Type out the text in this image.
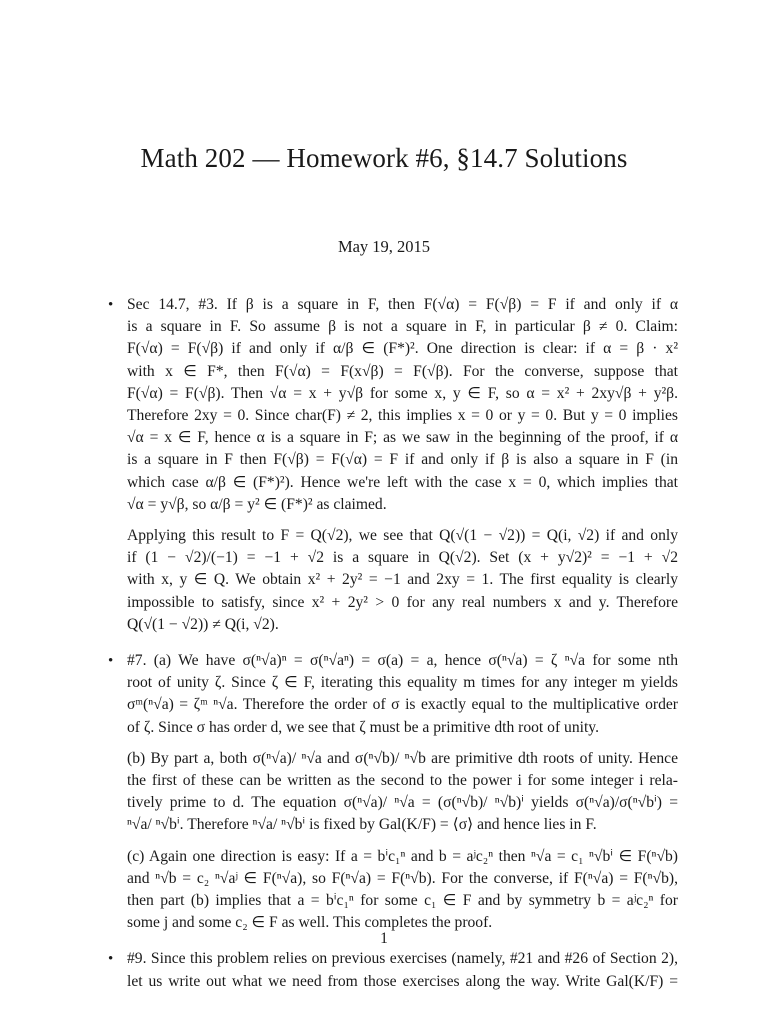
Math 202 — Homework #6, §14.7 Solutions
May 19, 2015
• Sec 14.7, #3. If β is a square in F, then F(√α) = F(√β) = F if and only if α
is a square in F. So assume β is not a square in F, in particular β ≠ 0. Claim:
F(√α) = F(√β) if and only if α/β ∈ (F*)². One direction is clear: if α = β · x²
with x ∈ F*, then F(√α) = F(x√β) = F(√β). For the converse, suppose that
F(√α) = F(√β). Then √α = x + y√β for some x, y ∈ F, so α = x² + 2xy√β + y²β.
Therefore 2xy = 0. Since char(F) ≠ 2, this implies x = 0 or y = 0. But y = 0 implies
√α = x ∈ F, hence α is a square in F; as we saw in the beginning of the proof, if α
is a square in F then F(√β) = F(√α) = F if and only if β is also a square in F (in
which case α/β ∈ (F*)²). Hence we're left with the case x = 0, which implies that
√α = y√β, so α/β = y² ∈ (F*)² as claimed.
Applying this result to F = Q(√2), we see that Q(√(1 − √2)) = Q(i, √2) if and only
if (1 − √2)/(−1) = −1 + √2 is a square in Q(√2). Set (x + y√2)² = −1 + √2
with x, y ∈ Q. We obtain x² + 2y² = −1 and 2xy = 1. The first equality is clearly
impossible to satisfy, since x² + 2y² > 0 for any real numbers x and y. Therefore
Q(√(1 − √2)) ≠ Q(i, √2).
• #7. (a) We have σ(ⁿ√a)ⁿ = σ(ⁿ√aⁿ) = σ(a) = a, hence σ(ⁿ√a) = ζ ⁿ√a for some nth
root of unity ζ. Since ζ ∈ F, iterating this equality m times for any integer m yields
σᵐ(ⁿ√a) = ζᵐ ⁿ√a. Therefore the order of σ is exactly equal to the multiplicative order
of ζ. Since σ has order d, we see that ζ must be a primitive dth root of unity.
(b) By part a, both σ(ⁿ√a)/ ⁿ√a and σ(ⁿ√b)/ ⁿ√b are primitive dth roots of unity. Hence
the first of these can be written as the second to the power i for some integer i rela-
tively prime to d. The equation σ(ⁿ√a)/ ⁿ√a = (σ(ⁿ√b)/ ⁿ√b)ⁱ yields σ(ⁿ√a)/σ(ⁿ√bⁱ) =
ⁿ√a/ ⁿ√bⁱ. Therefore ⁿ√a/ ⁿ√bⁱ is fixed by Gal(K/F) = ⟨σ⟩ and hence lies in F.
(c) Again one direction is easy: If a = bⁱc₁ⁿ and b = aʲc₂ⁿ then ⁿ√a = c₁ ⁿ√bⁱ ∈ F(ⁿ√b)
and ⁿ√b = c₂ ⁿ√aʲ ∈ F(ⁿ√a), so F(ⁿ√a) = F(ⁿ√b). For the converse, if F(ⁿ√a) = F(ⁿ√b),
then part (b) implies that a = bⁱc₁ⁿ for some c₁ ∈ F and by symmetry b = aʲc₂ⁿ for
some j and some c₂ ∈ F as well. This completes the proof.
• #9. Since this problem relies on previous exercises (namely, #21 and #26 of Section 2),
let us write out what we need from those exercises along the way. Write Gal(K/F) =
1
